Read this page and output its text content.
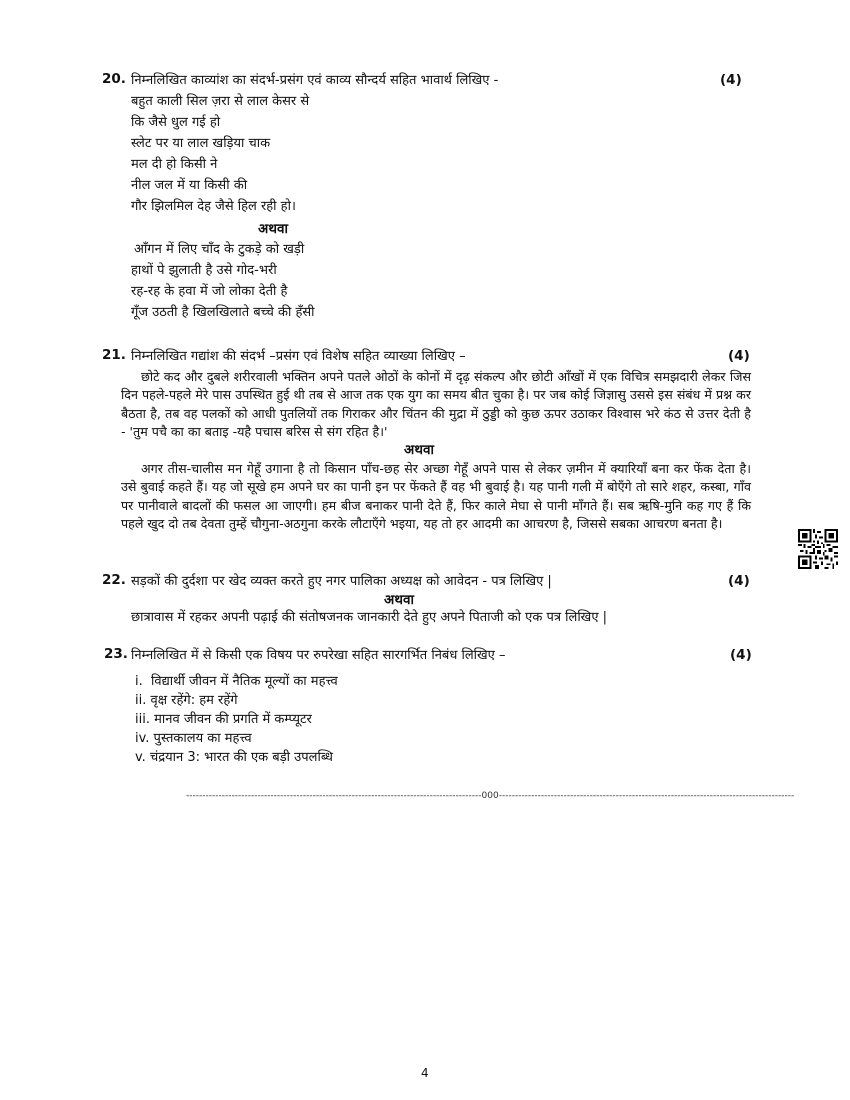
20. निम्नलिखित काव्यांश का संदर्भ-प्रसंग एवं काव्य सौन्दर्य सहित भावार्थ लिखिए -	(4)
बहुत काली सिल ज़रा से लाल केसर से
कि जैसे धुल गई हो
स्लेट पर या लाल खड़िया चाक
मल दी हो किसी ने
नील जल में या किसी की
गौर झिलमिल देह जैसे हिल रही हो।
अथवा
आँगन में लिए चाँद के टुकड़े को खड़ी
हाथों पे झुलाती है उसे गोद-भरी
रह-रह के हवा में जो लोका देती है
गूँज उठती है खिलखिलाते बच्चे की हँसी
21. निम्नलिखित गद्यांश की संदर्भ –प्रसंग एवं विशेष सहित व्याख्या लिखिए –	(4)
छोटे कद और दुबले शरीरवाली भक्तिन अपने पतले ओठों के कोनों में दृढ़ संकल्प और छोटी आँखों में एक विचित्र समझदारी लेकर जिस दिन पहले-पहले मेरे पास उपस्थित हुई थी तब से आज तक एक युग का समय बीत चुका है। पर जब कोई जिज्ञासु उससे इस संबंध में प्रश्न कर बैठता है, तब वह पलकों को आधी पुतलियों तक गिराकर और चिंतन की मुद्रा में ठुड्डी को कुछ ऊपर उठाकर विश्वास भरे कंठ से उत्तर देती है - 'तुम पचै का का बताइ -यहै पचास बरिस से संग रहित है।'
अथवा
अगर तीस-चालीस मन गेहूँ उगाना है तो किसान पाँच-छह सेर अच्छा गेहूँ अपने पास से लेकर ज़मीन में क्यारियाँ बना कर फेंक देता है। उसे बुवाई कहते हैं। यह जो सूखे हम अपने घर का पानी इन पर फेंकते हैं वह भी बुवाई है। यह पानी गली में बोएँगे तो सारे शहर, कस्बा, गाँव पर पानीवाले बादलों की फसल आ जाएगी। हम बीज बनाकर पानी देते हैं, फिर काले मेघा से पानी माँगते हैं। सब ऋषि-मुनि कह गए हैं कि पहले खुद दो तब देवता तुम्हें चौगुना-अठगुना करके लौटाएँगे भइया, यह तो हर आदमी का आचरण है, जिससे सबका आचरण बनता है।
22. सड़कों की दुर्दशा पर खेद व्यक्त करते हुए नगर पालिका अध्यक्ष को आवेदन - पत्र लिखिए |	(4)
अथवा
छात्रावास में रहकर अपनी पढ़ाई की संतोषजनक जानकारी देते हुए अपने पिताजी को एक पत्र लिखिए |
23. निम्नलिखित में से किसी एक विषय पर रुपरेखा सहित सारगर्भित निबंध लिखिए –	(4)
i.  विद्यार्थी जीवन में नैतिक मूल्यों का महत्त्व
ii. वृक्ष रहेंगे: हम रहेंगे
iii. मानव जीवन की प्रगति में कम्प्यूटर
iv. पुस्तकालय का महत्त्व
v. चंद्रयान 3: भारत की एक बड़ी उपलब्धि
-------------------------------------------------------------------------------------------000-------------------------------------------------------------------------------------------
4
